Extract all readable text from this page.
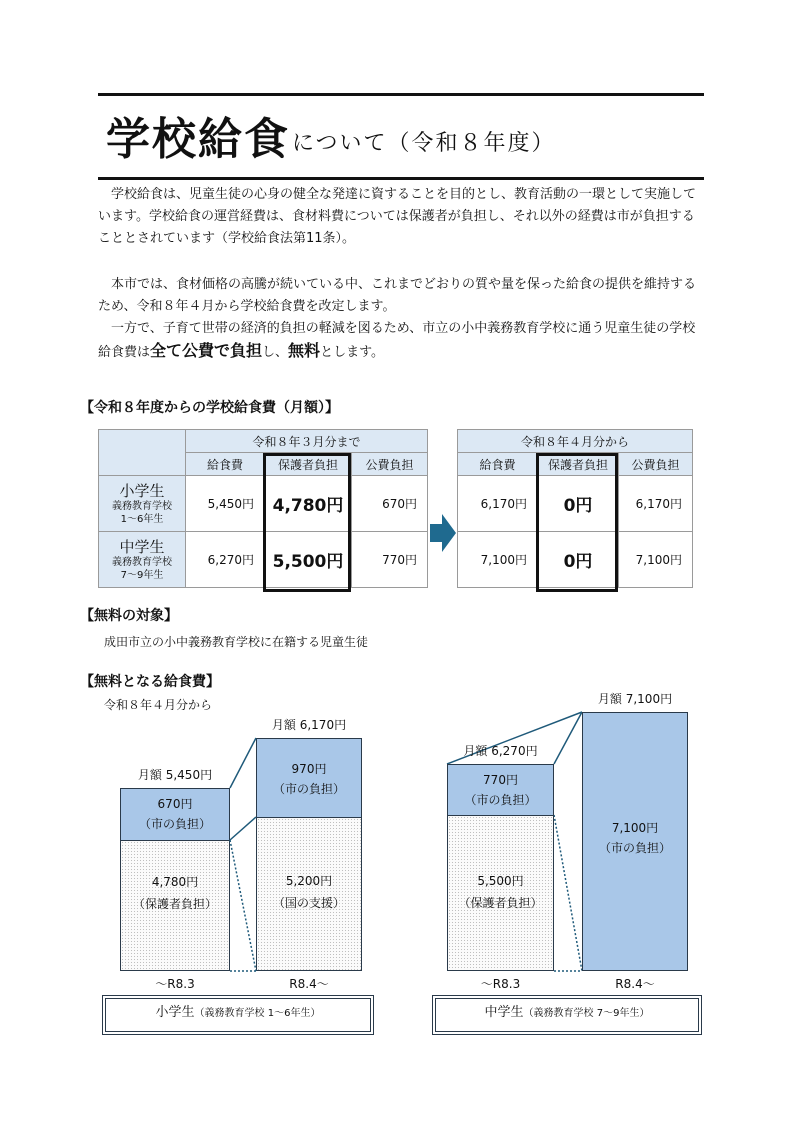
学校給食 について（令和８年度）

　学校給食は、児童生徒の心身の健全な発達に資することを目的とし、教育活動の一環として実施しています。学校給食の運営経費は、食材料費については保護者が負担し、それ以外の経費は市が負担することとされています（学校給食法第11条）。

　本市では、食材価格の高騰が続いている中、これまでどおりの質や量を保った給食の提供を維持するため、令和８年４月から学校給食費を改定します。

　一方で、子育て世帯の経済的負担の軽減を図るため、市立の小中義務教育学校に通う児童生徒の学校給食費は全て公費で負担し、無料とします。

【令和８年度からの学校給食費（月額）】
	令和８年３月分まで		
	給食費	保護者負担	公費負担

小学生
義務教育学校
1～6年生	5,450円	4,780円	670円

中学生
義務教育学校
7～9年生	6,270円	5,500円	770円
令和８年４月分から		
給食費	保護者負担	公費負担
6,170円	0円	6,170円
7,100円	0円	7,100円
【無料の対象】
成田市立の小中義務教育学校に在籍する児童生徒
【無料となる給食費】
令和８年４月分から
月額 5,450円
670円
（市の負担）
4,780円
（保護者負担）
～R8.3
月額 6,170円
970円
（市の負担）
5,200円
（国の支援）
R8.4～
小学生（義務教育学校 1～6年生）
月額 6,270円
770円
（市の負担）
5,500円
（保護者負担）
～R8.3
月額 7,100円
7,100円
（市の負担）
R8.4～
中学生（義務教育学校 7～9年生）
